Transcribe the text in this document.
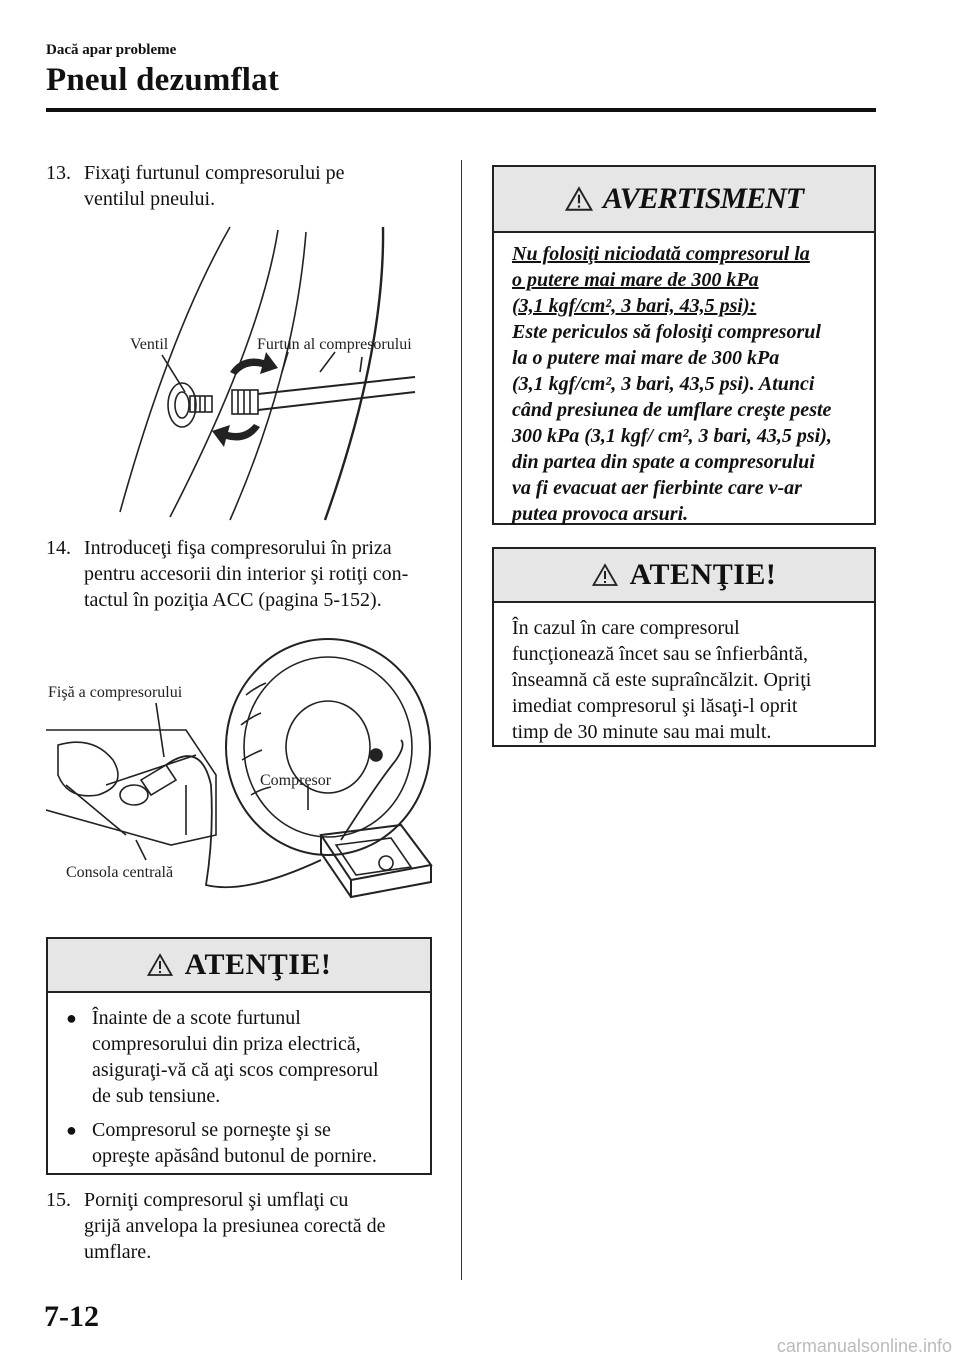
Dacă apar probleme
Pneul dezumflat
13. Fixaţi furtunul compresorului pe
ventilul pneului.
Ventil	Furtun al compresorului
14. Introduceţi fişa compresorului în priza
pentru accesorii din interior şi rotiţi con-
tactul în poziţia ACC (pagina 5-152).
Fişă a compresorului
Compresor
Consola centrală
ATENŢIE!
● Înainte de a scote furtunul
compresorului din priza electrică,
asiguraţi-vă că aţi scos compresorul
de sub tensiune.
● Compresorul se porneşte şi se
opreşte apăsând butonul de pornire.
15. Porniţi compresorul şi umflaţi cu
grijă anvelopa la presiunea corectă de
umflare.
AVERTISMENT
Nu folosiţi niciodată compresorul la
o putere mai mare de 300 kPa
(3,1 kgf/cm², 3 bari, 43,5 psi):
Este periculos să folosiţi compresorul
la o putere mai mare de 300 kPa
(3,1 kgf/cm², 3 bari, 43,5 psi). Atunci
când presiunea de umflare creşte peste
300 kPa (3,1 kgf/ cm², 3 bari, 43,5 psi),
din partea din spate a compresorului
va fi evacuat aer fierbinte care v-ar
putea provoca arsuri.
ATENŢIE!
În cazul în care compresorul
funcţionează încet sau se înfierbântă,
înseamnă că este supraîncălzit. Opriţi
imediat compresorul şi lăsaţi-l oprit
timp de 30 minute sau mai mult.
7-12
carmanualsonline.info
